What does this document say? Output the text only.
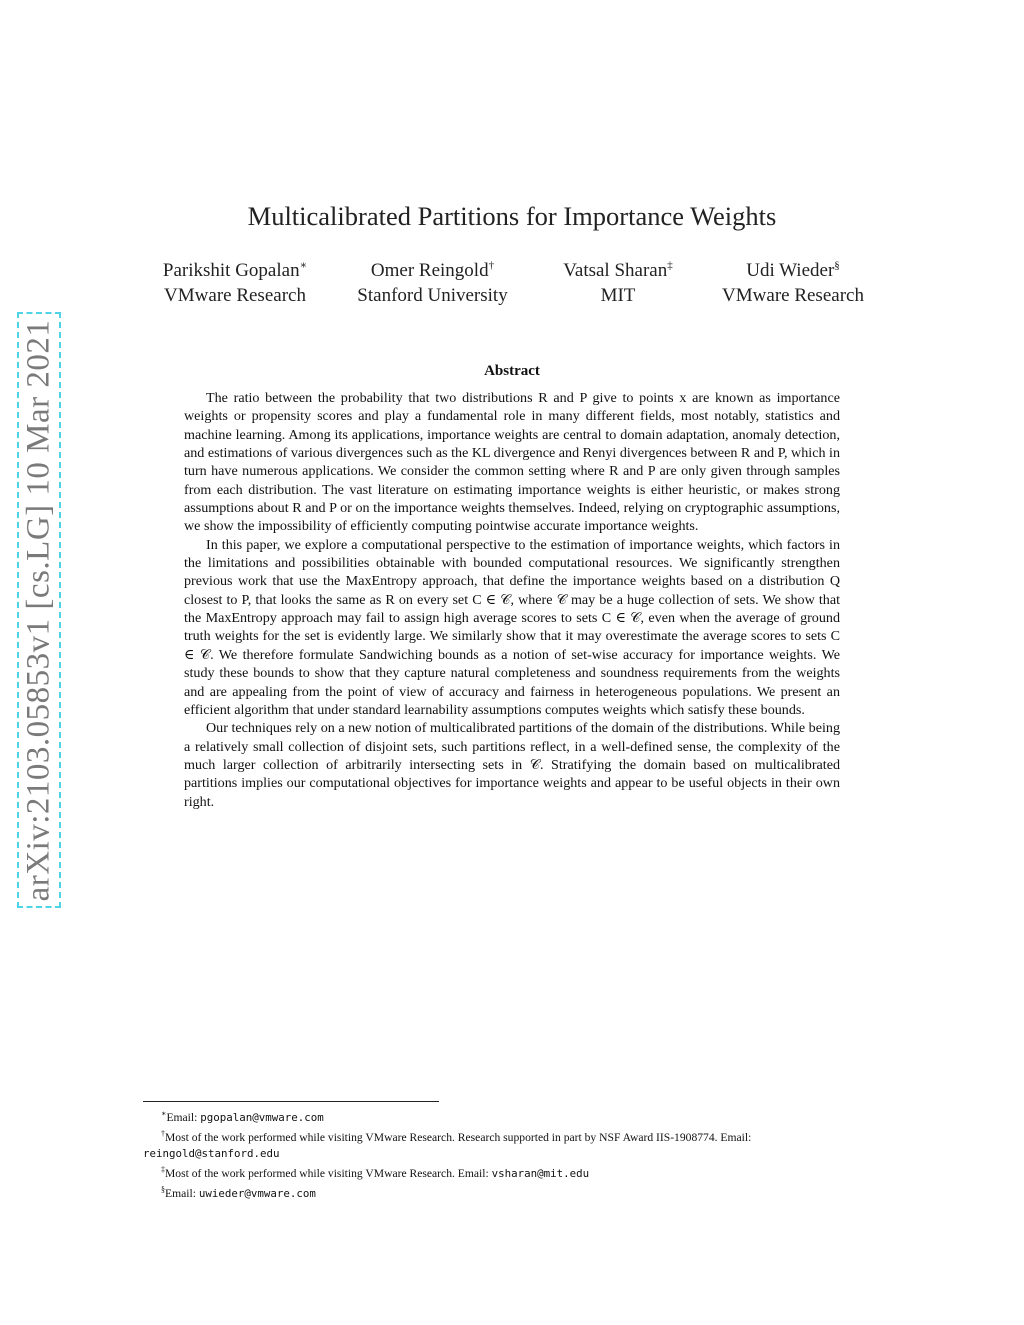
arXiv:2103.05853v1 [cs.LG] 10 Mar 2021
Multicalibrated Partitions for Importance Weights
Parikshit Gopalan∗
VMware Research
Omer Reingold†
Stanford University
Vatsal Sharan‡
MIT
Udi Wieder§
VMware Research
Abstract

The ratio between the probability that two distributions R and P give to points x are known as importance weights or propensity scores and play a fundamental role in many different fields, most notably, statistics and machine learning. Among its applications, importance weights are central to domain adaptation, anomaly detection, and estimations of various divergences such as the KL divergence and Renyi divergences between R and P, which in turn have numerous applications. We consider the common setting where R and P are only given through samples from each distribution. The vast literature on estimating importance weights is either heuristic, or makes strong assumptions about R and P or on the importance weights themselves. Indeed, relying on cryptographic assumptions, we show the impossibility of efficiently computing pointwise accurate importance weights.

In this paper, we explore a computational perspective to the estimation of importance weights, which factors in the limitations and possibilities obtainable with bounded computational resources. We significantly strengthen previous work that use the MaxEntropy approach, that define the importance weights based on a distribution Q closest to P, that looks the same as R on every set C ∈ 𝒞, where 𝒞 may be a huge collection of sets. We show that the MaxEntropy approach may fail to assign high average scores to sets C ∈ 𝒞, even when the average of ground truth weights for the set is evidently large. We similarly show that it may overestimate the average scores to sets C ∈ 𝒞. We therefore formulate Sandwiching bounds as a notion of set-wise accuracy for importance weights. We study these bounds to show that they capture natural completeness and soundness requirements from the weights and are appealing from the point of view of accuracy and fairness in heterogeneous populations. We present an efficient algorithm that under standard learnability assumptions computes weights which satisfy these bounds.

Our techniques rely on a new notion of multicalibrated partitions of the domain of the distributions. While being a relatively small collection of disjoint sets, such partitions reflect, in a well-defined sense, the complexity of the much larger collection of arbitrarily intersecting sets in 𝒞. Stratifying the domain based on multicalibrated partitions implies our computational objectives for importance weights and appear to be useful objects in their own right.

∗Email: pgopalan@vmware.com

†Most of the work performed while visiting VMware Research. Research supported in part by NSF Award IIS-1908774. Email: reingold@stanford.edu

‡Most of the work performed while visiting VMware Research. Email: vsharan@mit.edu

§Email: uwieder@vmware.com
